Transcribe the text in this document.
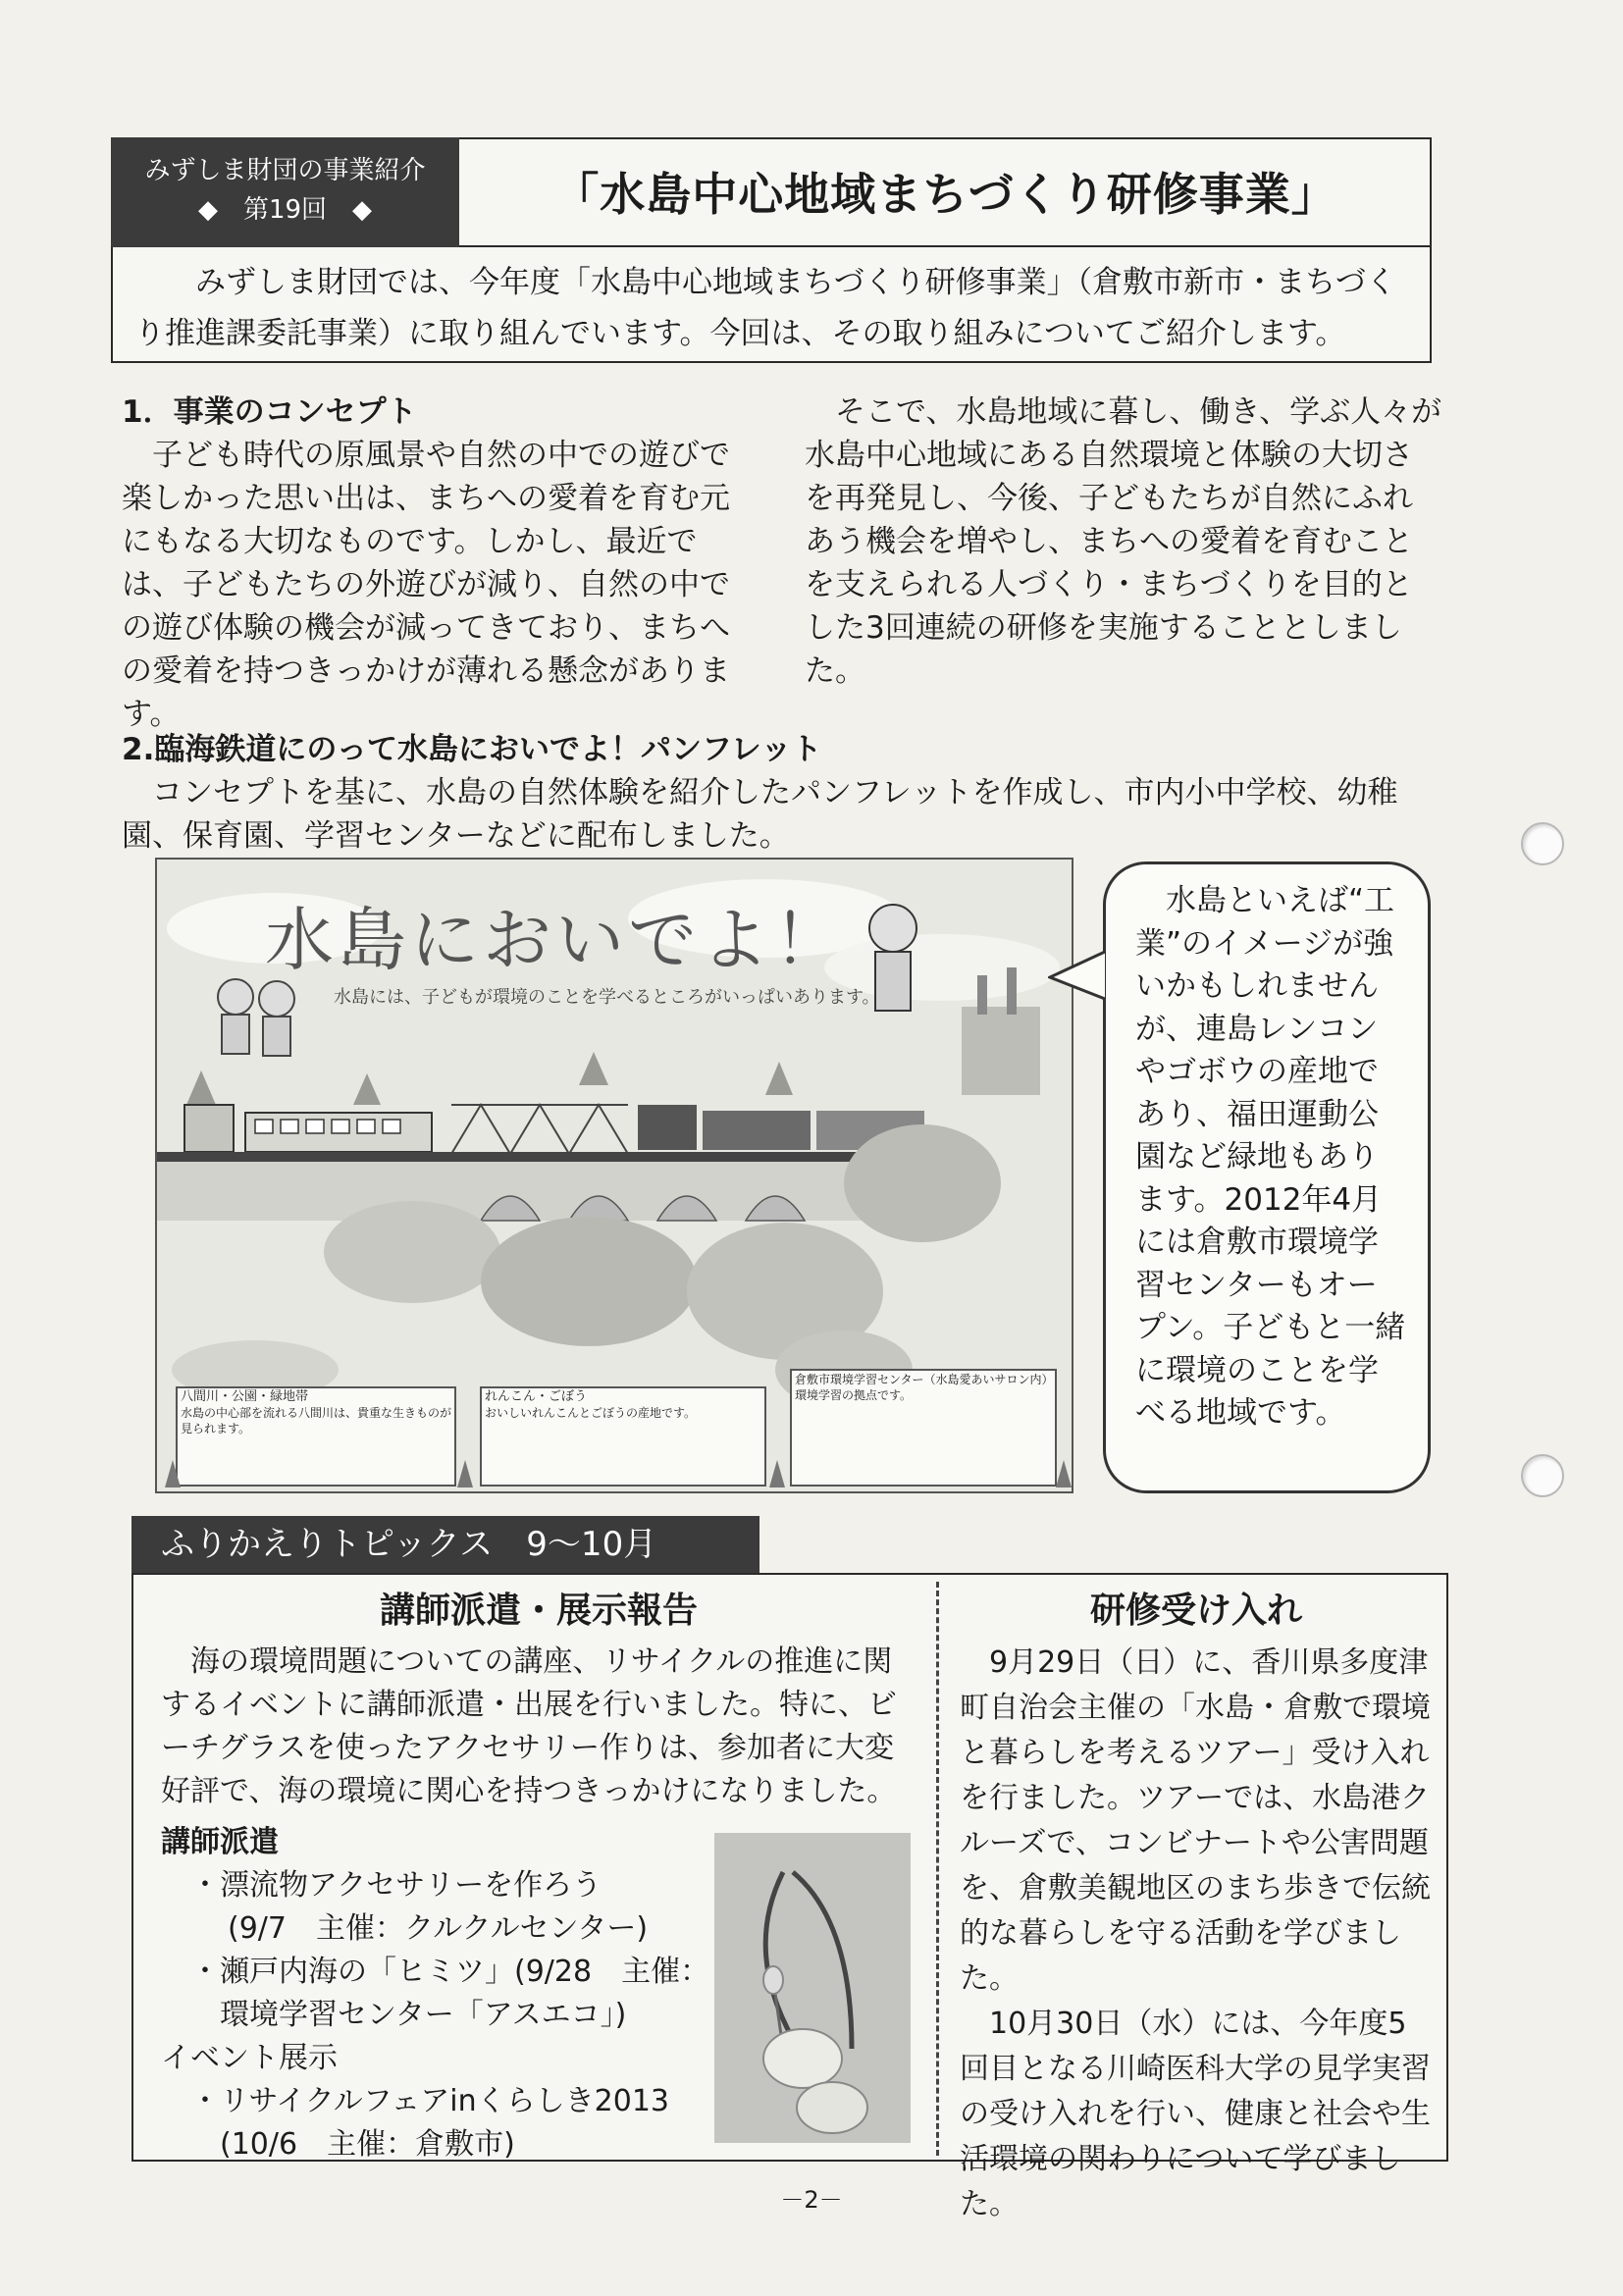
みずしま財団の事業紹介
◆　第19回　◆	「水島中心地域まちづくり研修事業」
みずしま財団では、今年度「水島中心地域まちづくり研修事業」（倉敷市新市・まちづくり推進課委託事業）に取り組んでいます。今回は、その取り組みについてご紹介します。
1．事業のコンセプト
子ども時代の原風景や自然の中での遊びで楽しかった思い出は、まちへの愛着を育む元にもなる大切なものです。しかし、最近では、子どもたちの外遊びが減り、自然の中での遊び体験の機会が減ってきており、まちへの愛着を持つきっかけが薄れる懸念があります。
そこで、水島地域に暮し、働き、学ぶ人々が水島中心地域にある自然環境と体験の大切さを再発見し、今後、子どもたちが自然にふれあう機会を増やし、まちへの愛着を育むことを支えられる人づくり・まちづくりを目的とした3回連続の研修を実施することとしました。
2.臨海鉄道にのって水島においでよ！パンフレット
コンセプトを基に、水島の自然体験を紹介したパンフレットを作成し、市内小中学校、幼稚園、保育園、学習センターなどに配布しました。
水島においでよ！
水島には、子どもが環境のことを学べるところがいっぱいあります。
八間川・公園・緑地帯
水島の中心部を流れる八間川は、貴重な生きものが見られます。
れんこん・ごぼう
おいしいれんこんとごぼうの産地です。
倉敷市環境学習センター（水島愛あいサロン内）
環境学習の拠点です。
水島といえば“工業”のイメージが強いかもしれませんが、連島レンコンやゴボウの産地であり、福田運動公園など緑地もあります。2012年4月には倉敷市環境学習センターもオープン。子どもと一緒に環境のことを学べる地域です。
ふりかえりトピックス　9～10月
講師派遣・展示報告
海の環境問題についての講座、リサイクルの推進に関するイベントに講師派遣・出展を行いました。特に、ビーチグラスを使ったアクセサリー作りは、参加者に大変好評で、海の環境に関心を持つきっかけになりました。
講師派遣
・漂流物アクセサリーを作ろう
(9/7　主催：クルクルセンター)
・瀬戸内海の「ヒミツ」(9/28　主催：
環境学習センター「アスエコ」)
イベント展示
・リサイクルフェアinくらしき2013
(10/6　主催：倉敷市)
研修受け入れ
9月29日（日）に、香川県多度津町自治会主催の「水島・倉敷で環境と暮らしを考えるツアー」受け入れを行ました。ツアーでは、水島港クルーズで、コンビナートや公害問題を、倉敷美観地区のまち歩きで伝統的な暮らしを守る活動を学びました。
10月30日（水）には、今年度5回目となる川崎医科大学の見学実習の受け入れを行い、健康と社会や生活環境の関わりについて学びました。
－2－
